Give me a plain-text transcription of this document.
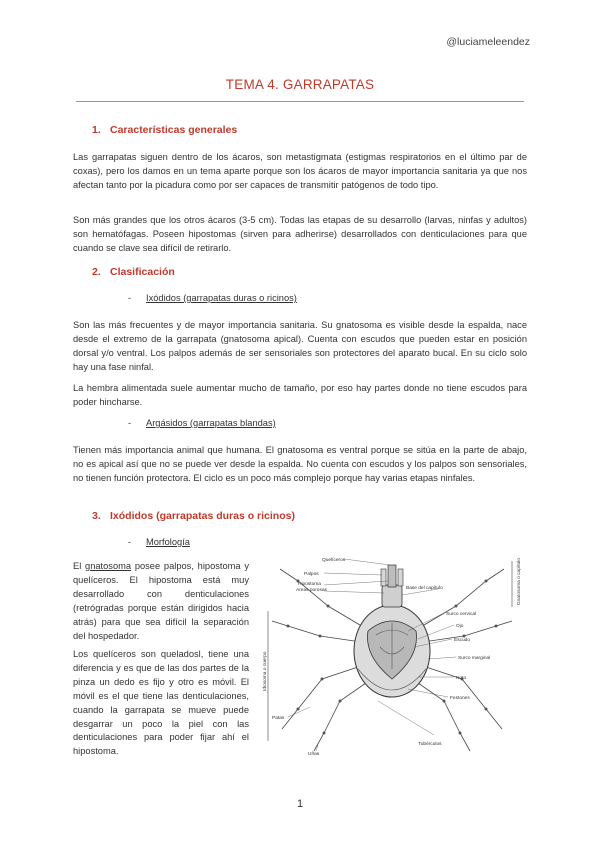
@luciameleendez
TEMA 4. GARRAPATAS
1. Características generales
Las garrapatas siguen dentro de los ácaros, son metastigmata (estigmas respiratorios en el último par de coxas), pero los damos en un tema aparte porque son los ácaros de mayor importancia sanitaria ya que nos afectan tanto por la picadura como por ser capaces de transmitir patógenos de todo tipo.
Son más grandes que los otros ácaros (3-5 cm). Todas las etapas de su desarrollo (larvas, ninfas y adultos) son hematófagas. Poseen hipostomas (sirven para adherirse) desarrollados con denticulaciones para que cuando se clave sea difícil de retirarlo.
2. Clasificación
- Ixódidos (garrapatas duras o ricinos)
Son las más frecuentes y de mayor importancia sanitaria. Su gnatosoma es visible desde la espalda, nace desde el extremo de la garrapata (gnatosoma apical). Cuenta con escudos que pueden estar en posición dorsal y/o ventral. Los palpos además de ser sensoriales son protectores del aparato bucal. En su ciclo solo hay una fase ninfal.
La hembra alimentada suele aumentar mucho de tamaño, por eso hay partes donde no tiene escudos para poder hincharse.
- Argásidos (garrapatas blandas)
Tienen más importancia animal que humana. El gnatosoma es ventral porque se sitúa en la parte de abajo, no es apical así que no se puede ver desde la espalda. No cuenta con escudos y los palpos son sensoriales, no tienen función protectora. El ciclo es un poco más complejo porque hay varias etapas ninfales.
3. Ixódidos (garrapatas duras o ricinos)
- Morfología
El gnatosoma posee palpos, hipostoma y quelíceros. El hipostoma está muy desarrollado con denticulaciones (retrógradas porque están dirigidos hacia atrás) para que sea difícil la separación del hospedador.
Los quelíceros son queladosl, tiene una diferencia y es que de las dos partes de la pinza un dedo es fijo y otro es móvil. El móvil es el que tiene las denticulaciones, cuando la garrapata se mueve puede desgarrar un poco la piel con las denticulaciones para poder fijar ahí el hipostoma.
Quelíceros
Palpos
Hipostoma
Areas porosas	Base del capítulo
Surco cervical
Ojo
Escudo
Surco marginal
Noto
Festones
Patas
Uñas
Tubérculos
Idiosoma o cuerpo
Gnatosoma o capítulo
1
